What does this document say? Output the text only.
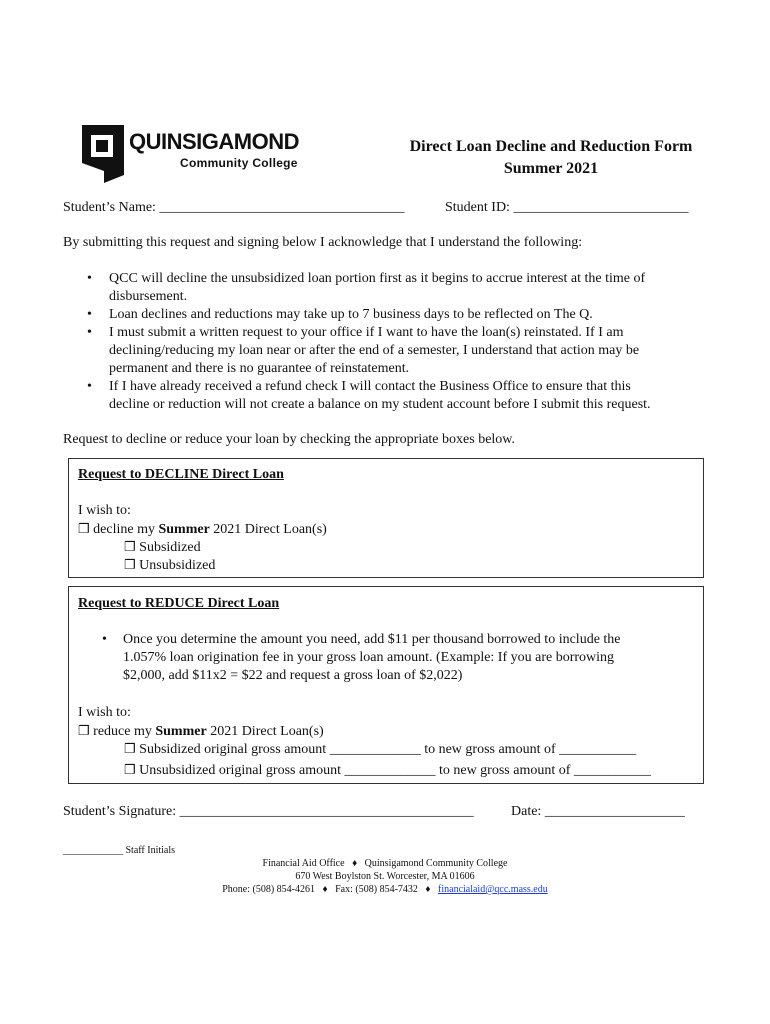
QUINSIGAMOND
Community College
Direct Loan Decline and Reduction Form
Summer 2021
Student’s Name: ___________________________________	Student ID: _________________________
By submitting this request and signing below I acknowledge that I understand the following:
• QCC will decline the unsubsidized loan portion first as it begins to accrue interest at the time of
disbursement.
• Loan declines and reductions may take up to 7 business days to be reflected on The Q.
• I must submit a written request to your office if I want to have the loan(s) reinstated. If I am
declining/reducing my loan near or after the end of a semester, I understand that action may be
permanent and there is no guarantee of reinstatement.
• If I have already received a refund check I will contact the Business Office to ensure that this
decline or reduction will not create a balance on my student account before I submit this request.
Request to decline or reduce your loan by checking the appropriate boxes below.
Request to DECLINE Direct Loan
I wish to:
❒ decline my Summer 2021 Direct Loan(s)
❒ Subsidized
❒ Unsubsidized
Request to REDUCE Direct Loan
• Once you determine the amount you need, add $11 per thousand borrowed to include the
1.057% loan origination fee in your gross loan amount. (Example: If you are borrowing
$2,000, add $11x2 = $22 and request a gross loan of $2,022)
I wish to:
❒ reduce my Summer 2021 Direct Loan(s)
❒ Subsidized original gross amount _____________ to new gross amount of ___________
❒ Unsubsidized original gross amount _____________ to new gross amount of ___________
Student’s Signature: __________________________________________	Date: ____________________
____________ Staff Initials
Financial Aid Office ♦ Quinsigamond Community College
670 West Boylston St. Worcester, MA 01606
Phone: (508) 854-4261 ♦ Fax: (508) 854-7432 ♦ financialaid@qcc.mass.edu
